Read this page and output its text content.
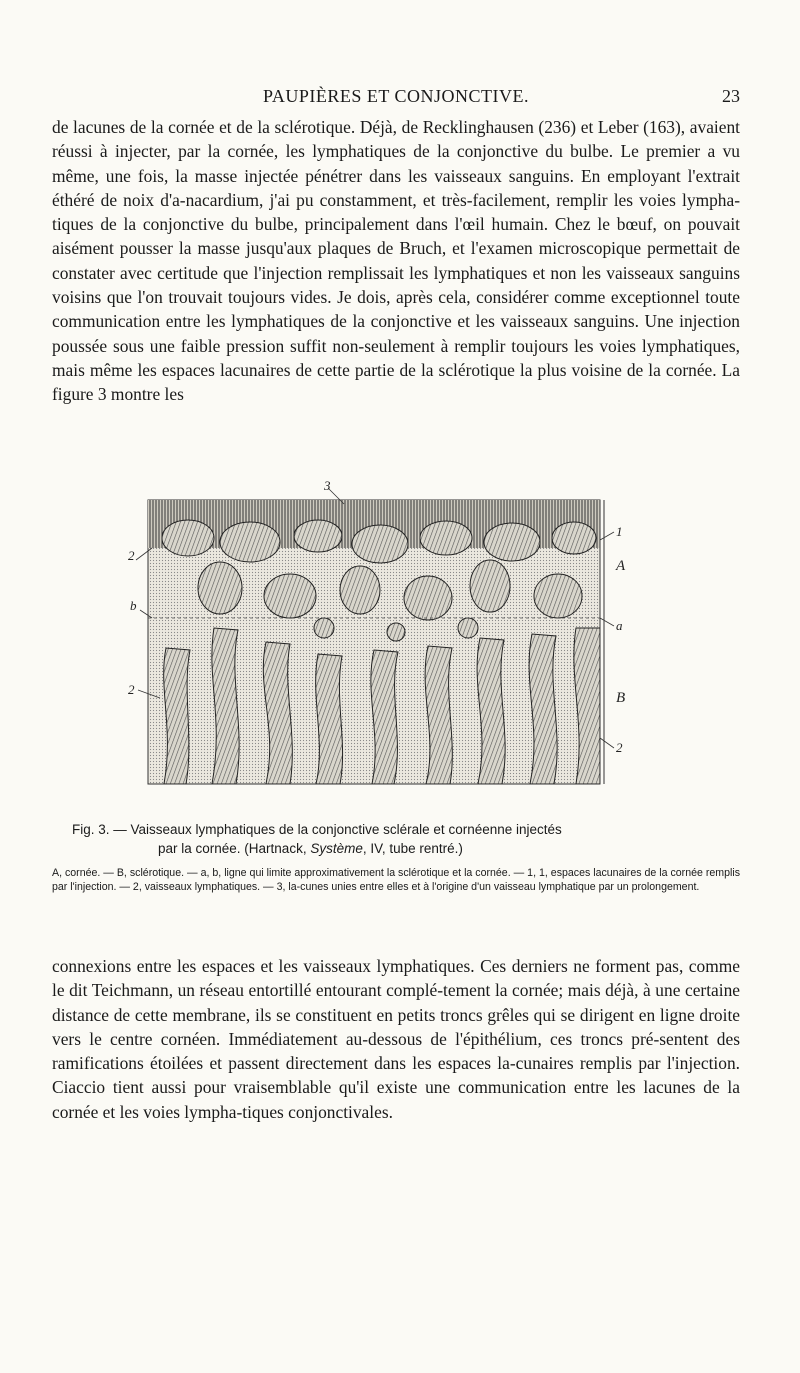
PAUPIÈRES ET CONJONCTIVE.	23

de lacunes de la cornée et de la sclérotique. Déjà, de Recklinghausen (236) et Leber (163), avaient réussi à injecter, par la cornée, les lymphatiques de la conjonctive du bulbe. Le premier a vu même, une fois, la masse injectée pénétrer dans les vaisseaux sanguins. En employant l'extrait éthéré de noix d'a-nacardium, j'ai pu constamment, et très-facilement, remplir les voies lympha-tiques de la conjonctive du bulbe, principalement dans l'œil humain. Chez le bœuf, on pouvait aisément pousser la masse jusqu'aux plaques de Bruch, et l'examen microscopique permettait de constater avec certitude que l'injection remplissait les lymphatiques et non les vaisseaux sanguins voisins que l'on trouvait toujours vides. Je dois, après cela, considérer comme exceptionnel toute communication entre les lymphatiques de la conjonctive et les vaisseaux sanguins. Une injection poussée sous une faible pression suffit non-seulement à remplir toujours les voies lymphatiques, mais même les espaces lacunaires de cette partie de la sclérotique la plus voisine de la cornée. La figure 3 montre les

3
1
A
a
B
2
2
b
2

Fig. 3. — Vaisseaux lymphatiques de la conjonctive sclérale et cornéenne injectés
par la cornée. (Hartnack, Système, IV, tube rentré.)

A, cornée. — B, sclérotique. — a, b, ligne qui limite approximativement la sclérotique et la cornée. — 1, 1, espaces lacunaires de la cornée remplis par l'injection. — 2, vaisseaux lymphatiques. — 3, la-cunes unies entre elles et à l'origine d'un vaisseau lymphatique par un prolongement.

connexions entre les espaces et les vaisseaux lymphatiques. Ces derniers ne forment pas, comme le dit Teichmann, un réseau entortillé entourant complé-tement la cornée; mais déjà, à une certaine distance de cette membrane, ils se constituent en petits troncs grêles qui se dirigent en ligne droite vers le centre cornéen. Immédiatement au-dessous de l'épithélium, ces troncs pré-sentent des ramifications étoilées et passent directement dans les espaces la-cunaires remplis par l'injection. Ciaccio tient aussi pour vraisemblable qu'il existe une communication entre les lacunes de la cornée et les voies lympha-tiques conjonctivales.
